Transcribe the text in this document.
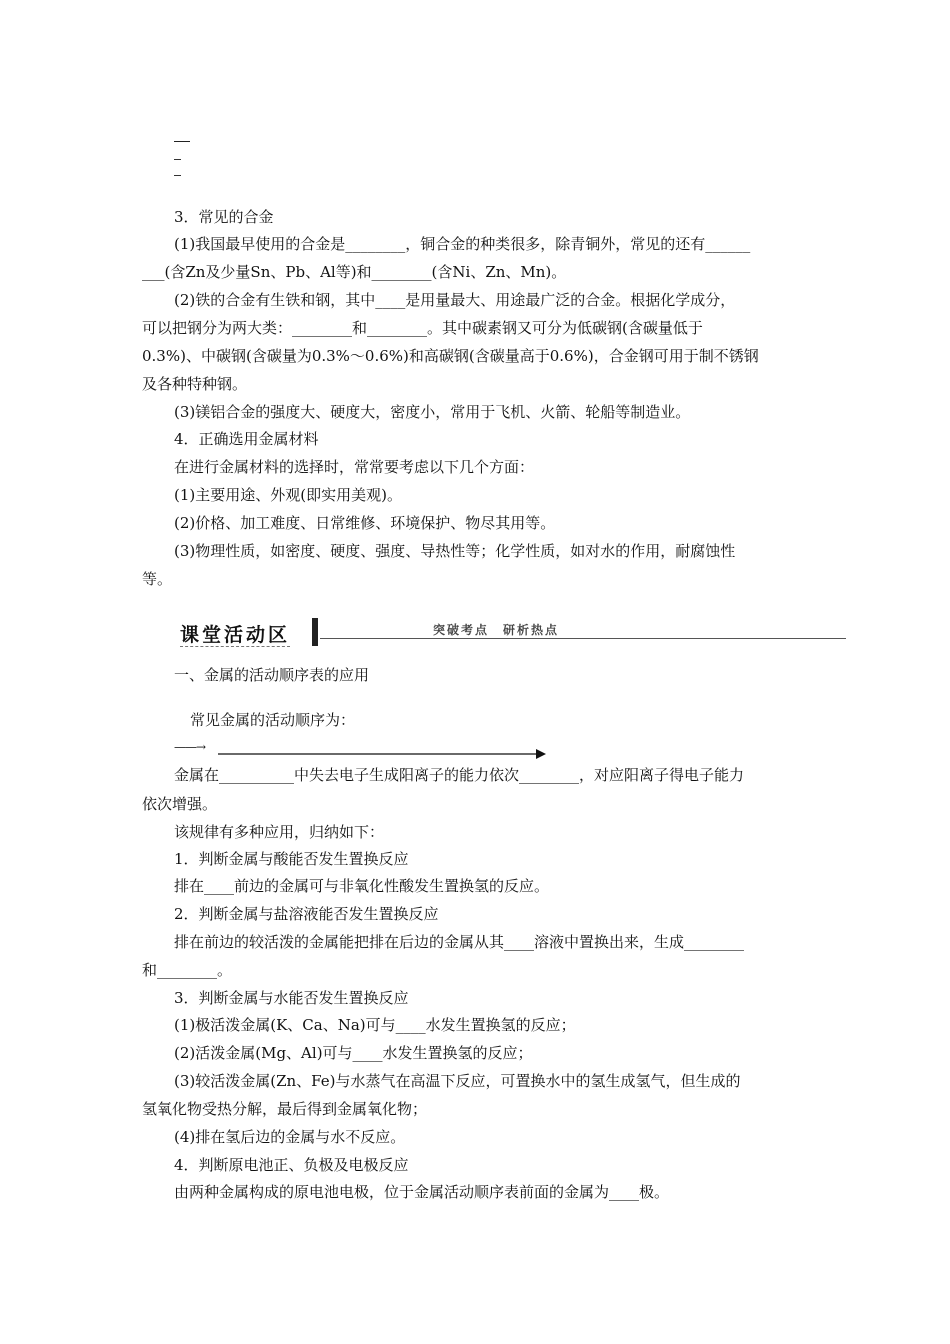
3．常见的合金
(1)我国最早使用的合金是________，铜合金的种类很多，除青铜外，常见的还有______
___(含Zn及少量Sn、Pb、Al等)和________(含Ni、Zn、Mn)。
(2)铁的合金有生铁和钢，其中____是用量最大、用途最广泛的合金。根据化学成分，
可以把钢分为两大类：________和________。其中碳素钢又可分为低碳钢(含碳量低于
0.3%)、中碳钢(含碳量为0.3%～0.6%)和高碳钢(含碳量高于0.6%)，合金钢可用于制不锈钢
及各种特种钢。
(3)镁铝合金的强度大、硬度大，密度小，常用于飞机、火箭、轮船等制造业。
4．正确选用金属材料
在进行金属材料的选择时，常常要考虑以下几个方面：
(1)主要用途、外观(即实用美观)。
(2)价格、加工难度、日常维修、环境保护、物尽其用等。
(3)物理性质，如密度、硬度、强度、导热性等；化学性质，如对水的作用，耐腐蚀性
等。
课堂活动区	突破考点　研析热点
一、金属的活动顺序表的应用
常见金属的活动顺序为：
——→
金属在__________中失去电子生成阳离子的能力依次________，对应阳离子得电子能力
依次增强。
该规律有多种应用，归纳如下：
1．判断金属与酸能否发生置换反应
排在____前边的金属可与非氧化性酸发生置换氢的反应。
2．判断金属与盐溶液能否发生置换反应
排在前边的较活泼的金属能把排在后边的金属从其____溶液中置换出来，生成________
和________。
3．判断金属与水能否发生置换反应
(1)极活泼金属(K、Ca、Na)可与____水发生置换氢的反应；
(2)活泼金属(Mg、Al)可与____水发生置换氢的反应；
(3)较活泼金属(Zn、Fe)与水蒸气在高温下反应，可置换水中的氢生成氢气，但生成的
氢氧化物受热分解，最后得到金属氧化物；
(4)排在氢后边的金属与水不反应。
4．判断原电池正、负极及电极反应
由两种金属构成的原电池电极，位于金属活动顺序表前面的金属为____极。
